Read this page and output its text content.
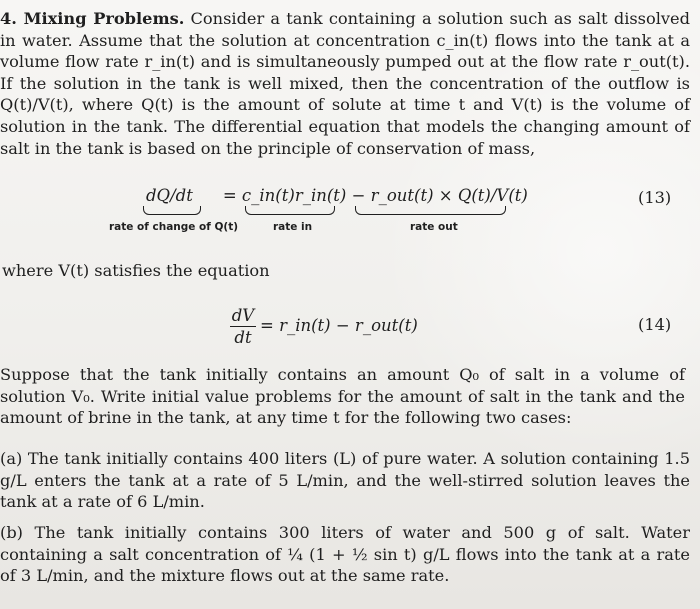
4. Mixing Problems. Consider a tank containing a solution such as salt dissolved in water. Assume that the solution at concentration c_in(t) flows into the tank at a volume flow rate r_in(t) and is simultaneously pumped out at the flow rate r_out(t). If the solution in the tank is well mixed, then the concentration of the outflow is Q(t)/V(t), where Q(t) is the amount of solute at time t and V(t) is the volume of solution in the tank. The differential equation that models the changing amount of salt in the tank is based on the principle of conservation of mass,

dQ/dt = c_in(t)r_in(t) − r_out(t) × Q(t)/V(t)
rate of change of Q(t)	rate in	rate out
(13)

where V(t) satisfies the equation

dV
dt
= r_in(t) − r_out(t)	(14)

Suppose that the tank initially contains an amount Q₀ of salt in a volume of solution V₀. Write initial value problems for the amount of salt in the tank and the amount of brine in the tank, at any time t for the following two cases:

(a) The tank initially contains 400 liters (L) of pure water. A solution containing 1.5 g/L enters the tank at a rate of 5 L/min, and the well-stirred solution leaves the tank at a rate of 6 L/min.

(b) The tank initially contains 300 liters of water and 500 g of salt. Water containing a salt concentration of ¼ (1 + ½ sin t) g/L flows into the tank at a rate of 3 L/min, and the mixture flows out at the same rate.
